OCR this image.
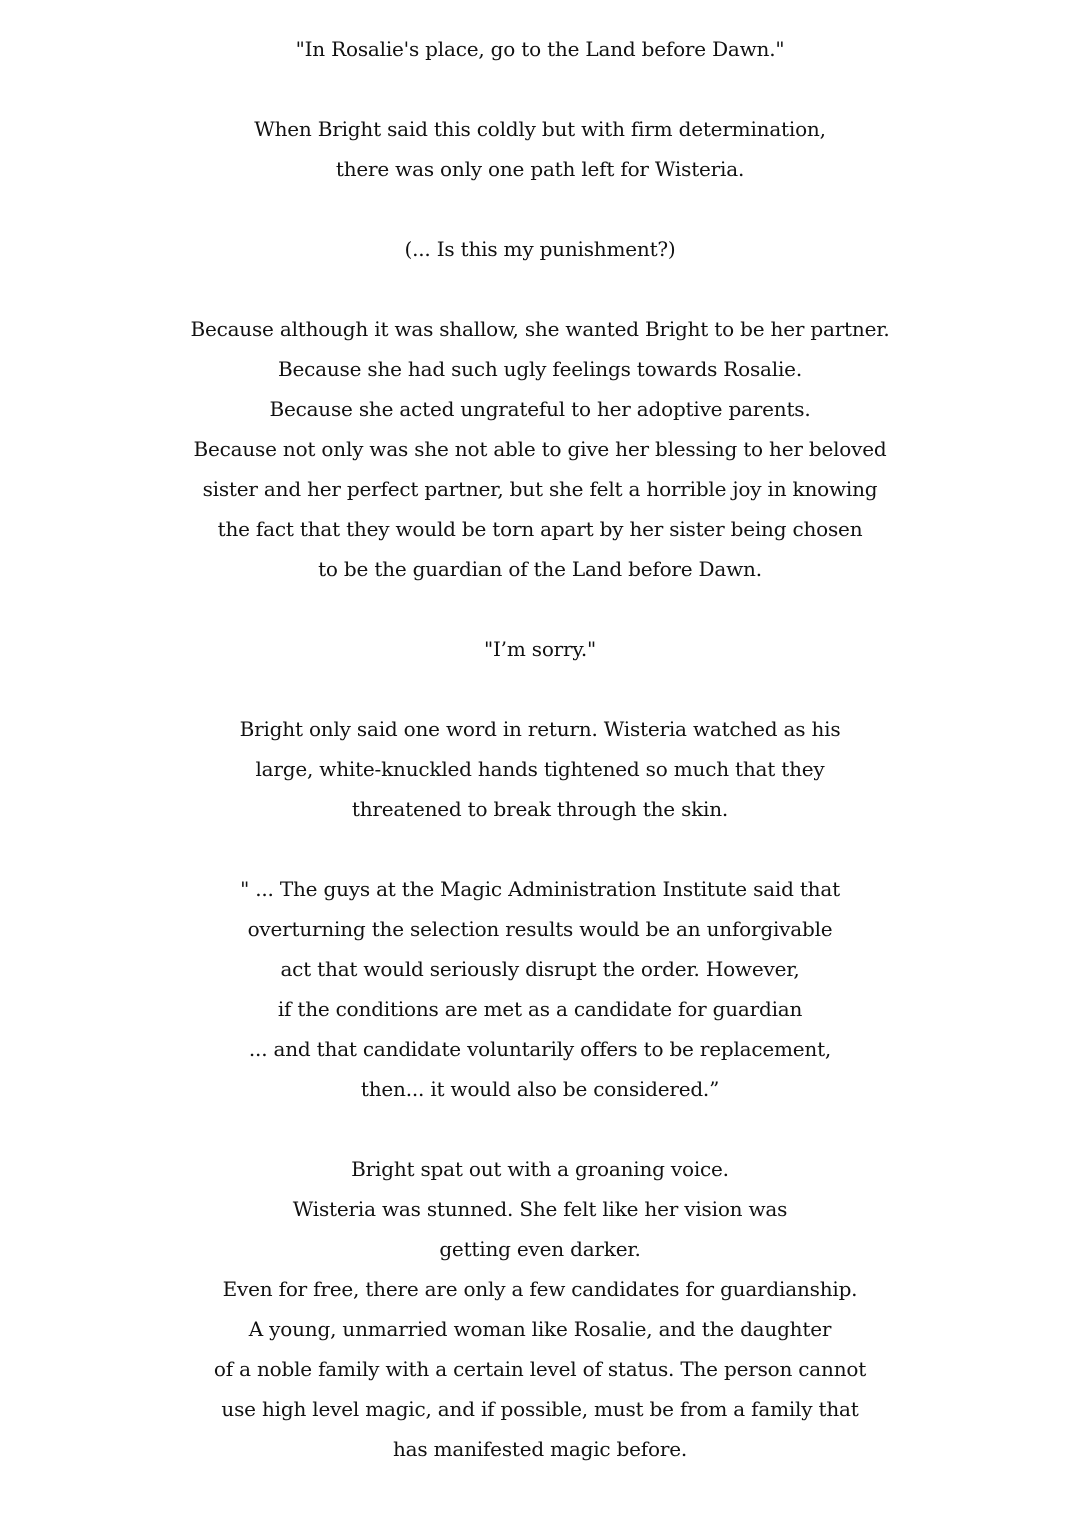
"In Rosalie's place, go to the Land before Dawn."

When Bright said this coldly but with firm determination,
there was only one path left for Wisteria.

(... Is this my punishment?)

Because although it was shallow, she wanted Bright to be her partner.
Because she had such ugly feelings towards Rosalie.
Because she acted ungrateful to her adoptive parents.
Because not only was she not able to give her blessing to her beloved
sister and her perfect partner, but she felt a horrible joy in knowing
the fact that they would be torn apart by her sister being chosen
to be the guardian of the Land before Dawn.

"I’m sorry."

Bright only said one word in return. Wisteria watched as his
large, white-knuckled hands tightened so much that they
threatened to break through the skin.

" ... The guys at the Magic Administration Institute said that
overturning the selection results would be an unforgivable
act that would seriously disrupt the order. However,
if the conditions are met as a candidate for guardian
... and that candidate voluntarily offers to be replacement,
then... it would also be considered.”

Bright spat out with a groaning voice.
Wisteria was stunned. She felt like her vision was
getting even darker.
Even for free, there are only a few candidates for guardianship.
A young, unmarried woman like Rosalie, and the daughter
of a noble family with a certain level of status. The person cannot
use high level magic, and if possible, must be from a family that
has manifested magic before.
